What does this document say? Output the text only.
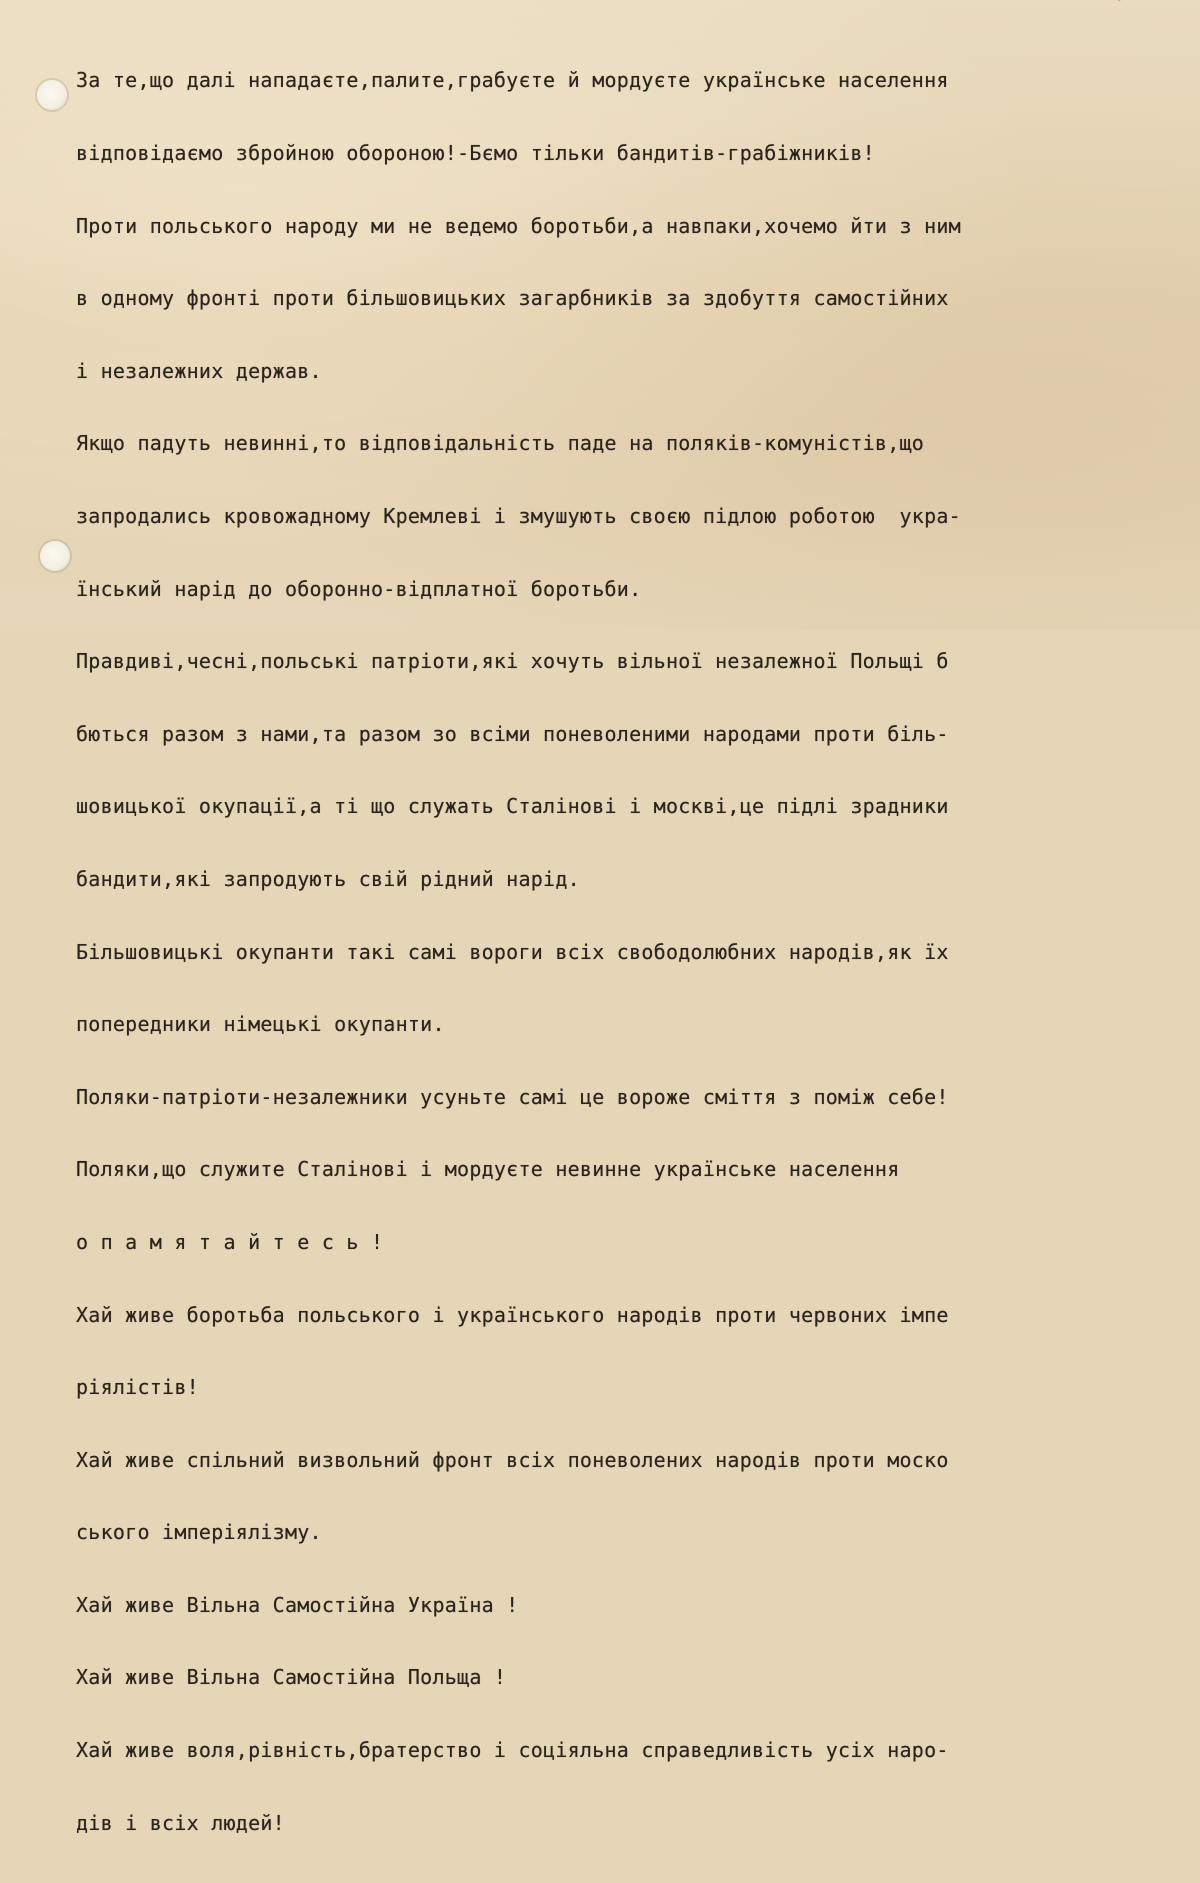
За те,що далі нападаєте,палите,грабуєте й мордуєте українське населення

відповідаємо збройною обороною!-Бємо тільки бандитів-грабіжників!

Проти польського народу ми не ведемо боротьби,а навпаки,хочемо йти з ним

в одному фронті проти більшовицьких загарбників за здобуття самостійних

і незалежних держав.

Якщо падуть невинні,то відповідальність паде на поляків-комуністів,що

запродались кровожадному Кремлеві і змушують своєю підлою роботою  укра-

їнський нарід до оборонно-відплатної боротьби.

Правдиві,чесні,польські патріоти,які хочуть вільної незалежної Польщі б

бються разом з нами,та разом зо всіми поневоленими народами проти біль-

шовицької окупації,а ті що служать Сталінові і москві,це підлі зрадники

бандити,які запродують свій рідний нарід.

Більшовицькі окупанти такі самі вороги всіх свободолюбних народів,як їх

попередники німецькі окупанти.

Поляки-патріоти-незалежники усуньте самі це вороже сміття з поміж себе!

Поляки,що служите Сталінові і мордуєте невинне українське населення

о п а м я т а й т е с ь !

Хай живе боротьба польського і українського народів проти червоних імпе

ріялістів!

Хай живе спільний визвольний фронт всіх поневолених народів проти моско

ського імперіялізму.

Хай живе Вільна Самостійна Україна !

Хай живе Вільна Самостійна Польща !

Хай живе воля,рівність,братерство і соціяльна справедливість усіх наро-

дів і всіх людей!
